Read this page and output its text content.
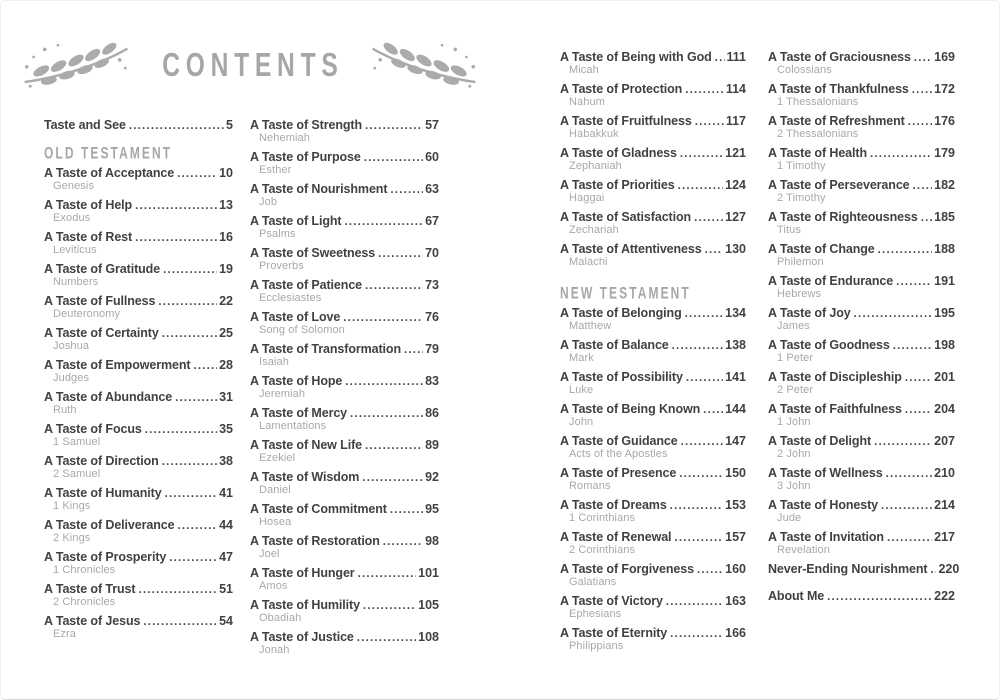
CONTENTS
Taste and See .....	5
OLD TESTAMENT
A Taste of Acceptance .....	10
Genesis
A Taste of Help .....	13
Exodus
A Taste of Rest .....	16
Leviticus
A Taste of Gratitude .....	19
Numbers
A Taste of Fullness .....	22
Deuteronomy
A Taste of Certainty .....	25
Joshua
A Taste of Empowerment ..... 28
Judges
A Taste of Abundance .....	31
Ruth
A Taste of Focus .....	35
1 Samuel
A Taste of Direction .....	38
2 Samuel
A Taste of Humanity .....	41
1 Kings
A Taste of Deliverance .....	44
2 Kings
A Taste of Prosperity .....	47
1 Chronicles
A Taste of Trust .....	51
2 Chronicles
A Taste of Jesus .....	54
Ezra
A Taste of Strength .....	57
Nehemiah
A Taste of Purpose .....	60
Esther
A Taste of Nourishment .....	63
Job
A Taste of Light .....	67
Psalms
A Taste of Sweetness .....	70
Proverbs
A Taste of Patience .....	73
Ecclesiastes
A Taste of Love .....	76
Song of Solomon
A Taste of Transformation ..... 79
Isaiah
A Taste of Hope .....	83
Jeremiah
A Taste of Mercy .....	86
Lamentations
A Taste of New Life .....	89
Ezekiel
A Taste of Wisdom .....	92
Daniel
A Taste of Commitment .....	95
Hosea
A Taste of Restoration .....	98
Joel
A Taste of Hunger .....	101
Amos
A Taste of Humility .....	105
Obadiah
A Taste of Justice .....	108
Jonah
A Taste of Being with God ..... 111
Micah
A Taste of Protection .....	114
Nahum
A Taste of Fruitfulness .....	117
Habakkuk
A Taste of Gladness .....	121
Zephaniah
A Taste of Priorities .....	124
Haggai
A Taste of Satisfaction .....	127
Zechariah
A Taste of Attentiveness ..... 130
Malachi
NEW TESTAMENT
A Taste of Belonging .....	134
Matthew
A Taste of Balance .....	138
Mark
A Taste of Possibility .....	141
Luke
A Taste of Being Known ..... 144
John
A Taste of Guidance .....	147
Acts of the Apostles
A Taste of Presence .....	150
Romans
A Taste of Dreams .....	153
1 Corinthians
A Taste of Renewal .....	157
2 Corinthians
A Taste of Forgiveness ..... 160
Galatians
A Taste of Victory .....	163
Ephesians
A Taste of Eternity .....	166
Philippians
A Taste of Graciousness ..... 169
Colossians
A Taste of Thankfulness ..... 172
1 Thessalonians
A Taste of Refreshment ..... 176
2 Thessalonians
A Taste of Health .....	179
1 Timothy
A Taste of Perseverance ..... 182
2 Timothy
A Taste of Righteousness ..... 185
Titus
A Taste of Change .....	188
Philemon
A Taste of Endurance .....	191
Hebrews
A Taste of Joy .....	195
James
A Taste of Goodness .....	198
1 Peter
A Taste of Discipleship .....	201
2 Peter
A Taste of Faithfulness .....	204
1 John
A Taste of Delight .....	207
2 John
A Taste of Wellness .....	210
3 John
A Taste of Honesty .....	214
Jude
A Taste of Invitation .....	217
Revelation
Never-Ending Nourishment ..... 220
About Me .....	222
